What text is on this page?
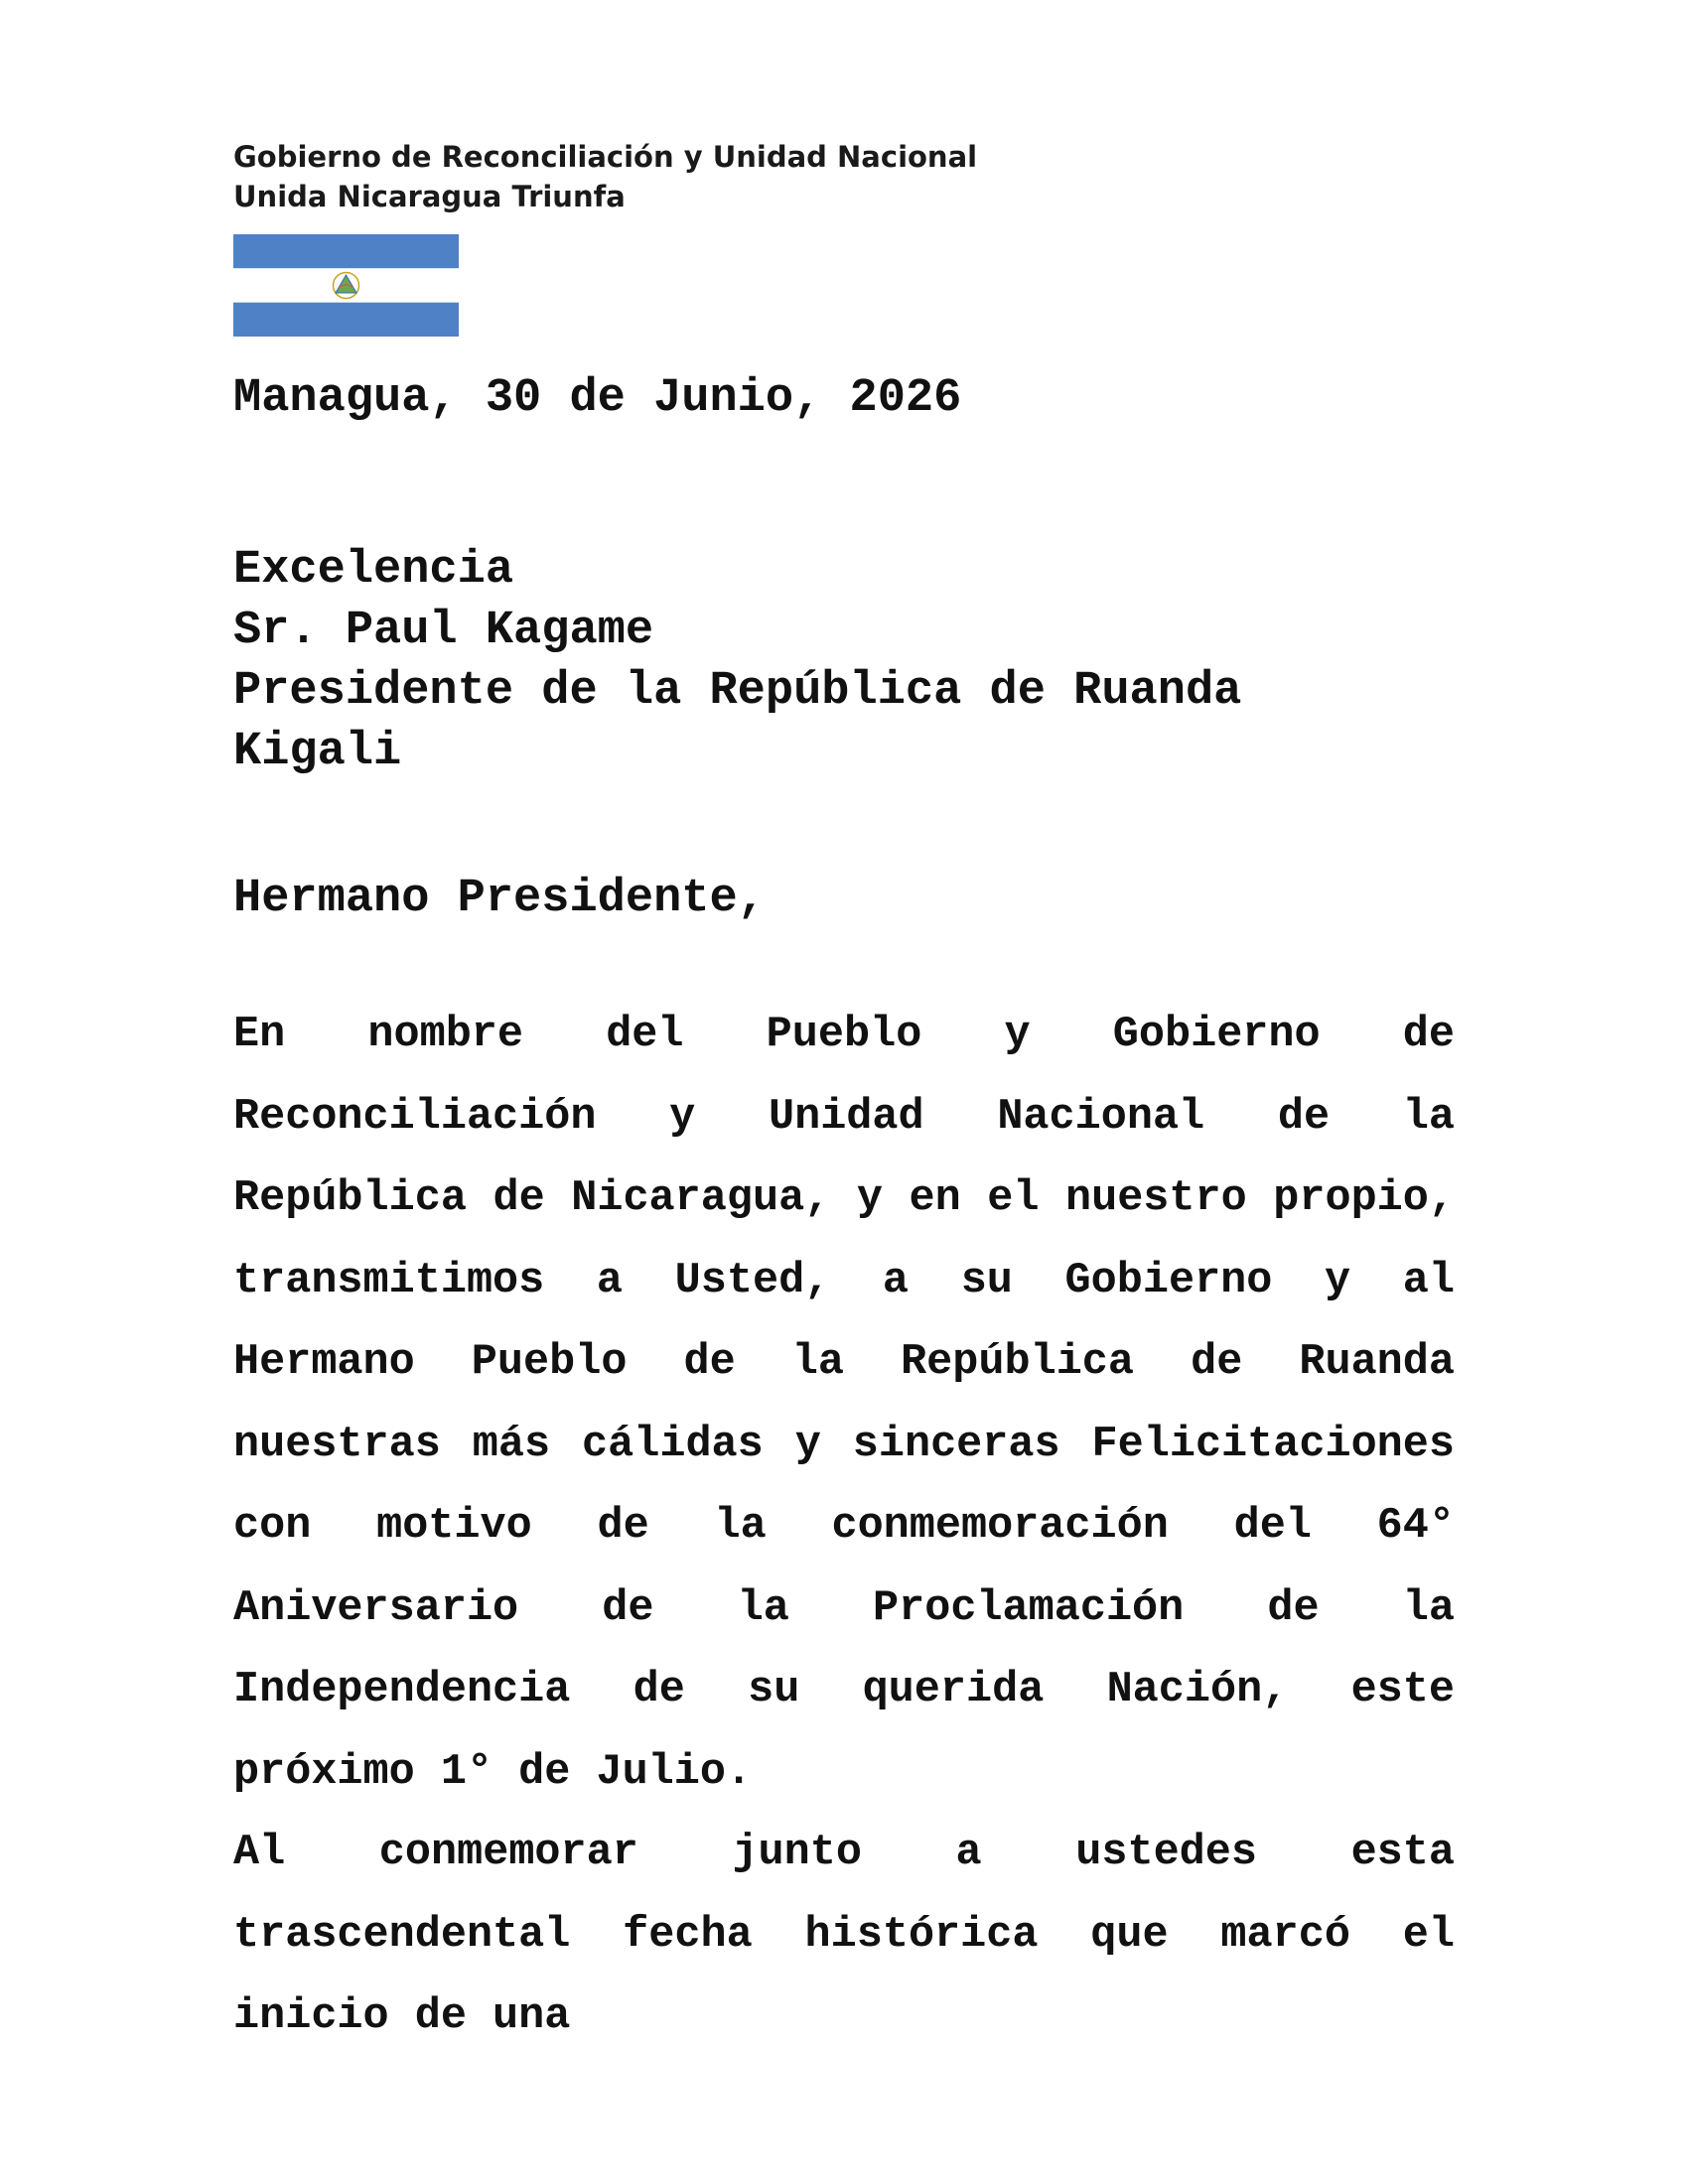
Gobierno de Reconciliación y Unidad Nacional
Unida Nicaragua Triunfa
Managua, 30 de Junio, 2026
Excelencia
Sr. Paul Kagame
Presidente de la República de Ruanda
Kigali
Hermano Presidente,

En nombre del Pueblo y Gobierno de Reconciliación y Unidad Nacional de la República de Nicaragua, y en el nuestro propio, transmitimos a Usted, a su Gobierno y al Hermano Pueblo de la República de Ruanda nuestras más cálidas y sinceras Felicitaciones con motivo de la conmemoración del 64° Aniversario de la Proclamación de la Independencia de su querida Nación, este próximo 1° de Julio.

Al conmemorar junto a ustedes esta trascendental fecha histórica que marcó el inicio de una
